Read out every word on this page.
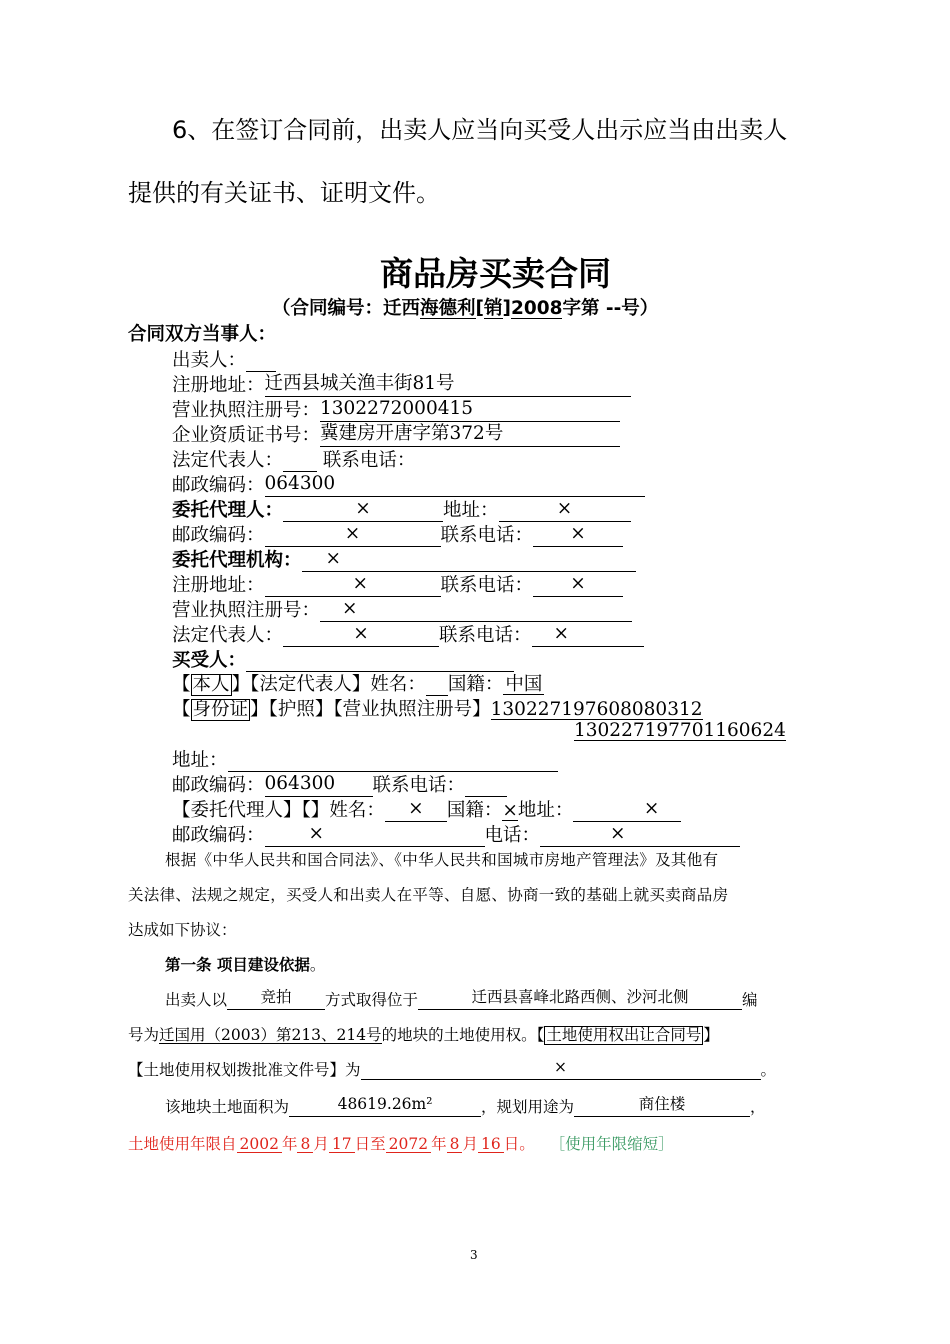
6、在签订合同前，出卖人应当向买受人出示应当由出卖人
提供的有关证书、证明文件。
商品房买卖合同
（合同编号：迁西海德利[销]2008字第 --号）
合同双方当事人：
出卖人：
注册地址：迁西县城关渔丰街81号
营业执照注册号：1302272000415
企业资质证书号：冀建房开唐字第372号
法定代表人： 联系电话：
邮政编码：064300
委托代理人：	×	地址：	×
邮政编码：	×	联系电话： ×
委托代理机构： ×
注册地址：	×	联系电话： ×
营业执照注册号： ×
法定代表人：	×	联系电话： ×
买受人：
【 本人 】【法定代表人】姓名： 国籍： 中国
【 身份证 】【护照】【营业执照注册号】130227197608080312
130227197701160624
地址：
邮政编码：064300 联系电话：
【委托代理人】【】姓名： × 国籍：×地址：	×
邮政编码： ×	电话：	×
根据《中华人民共和国合同法》、《中华人民共和国城市房地产管理法》及其他有
关法律、法规之规定，买受人和出卖人在平等、自愿、协商一致的基础上就买卖商品房
达成如下协议：
第一条 项目建设依据。
出卖人以 竞拍 方式取得位于	迁西县喜峰北路西侧、沙河北侧	编
号为迁国用（2003）第213、214号的地块的土地使用权。【 土地使用权出让合同号 】
【土地使用权划拨批准文件号】为	×	。
该地块土地面积为	48619.26m²	，规划用途为	商住楼	，
土地使用年限自 2002 年 8 月 17 日至 2072 年 8 月 16 日。 ［使用年限缩短］
3
